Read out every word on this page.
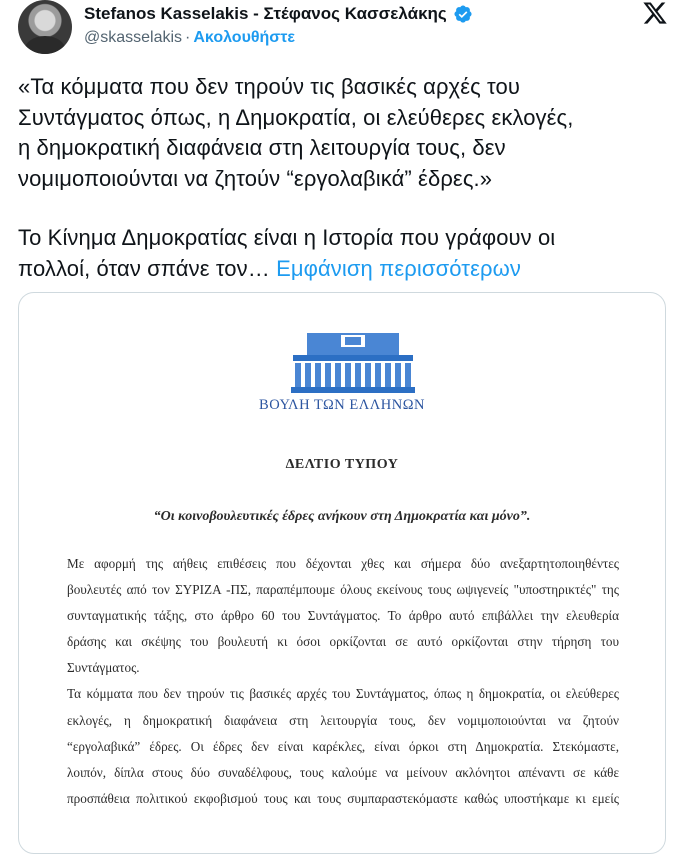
Stefanos Kasselakis - Στέφανος Κασσελάκης
@skasselakis · Ακολουθήστε

«Τα κόμματα που δεν τηρούν τις βασικές αρχές του

Συντάγματος όπως, η Δημοκρατία, οι ελεύθερες εκλογές,

η δημοκρατική διαφάνεια στη λειτουργία τους, δεν

νομιμοποιούνται να ζητούν “εργολαβικά” έδρες.»

Το Κίνημα Δημοκρατίας είναι η Ιστορία που γράφουν οι

πολλοί, όταν σπάνε τον… Εμφάνιση περισσότερων

ΒΟΥΛΗ ΤΩΝ ΕΛΛΗΝΩΝ
ΔΕΛΤΙΟ ΤΥΠΟΥ
“Οι κοινοβουλευτικές έδρες ανήκουν στη Δημοκρατία και μόνο”.
Με αφορμή της αήθεις επιθέσεις που δέχονται χθες και σήμερα δύο ανεξαρτητοποιηθέντες
βουλευτές από τον ΣΥΡΙΖΑ -ΠΣ, παραπέμπουμε όλους εκείνους τους ωψιγενείς "υποστηρικτές" της
συνταγματικής τάξης, στο άρθρο 60 του Συντάγματος. Το άρθρο αυτό επιβάλλει την ελευθερία
δράσης και σκέψης του βουλευτή κι όσοι ορκίζονται σε αυτό ορκίζονται στην τήρηση του
Συντάγματος.
Τα κόμματα που δεν τηρούν τις βασικές αρχές του Συντάγματος, όπως η δημοκρατία, οι ελεύθερες
εκλογές, η δημοκρατική διαφάνεια στη λειτουργία τους, δεν νομιμοποιούνται να ζητούν
“εργολαβικά” έδρες. Οι έδρες δεν είναι καρέκλες, είναι όρκοι στη Δημοκρατία. Στεκόμαστε,
λοιπόν, δίπλα στους δύο συναδέλφους, τους καλούμε να μείνουν ακλόνητοι απέναντι σε κάθε
προσπάθεια πολιτικού εκφοβισμού τους και τους συμπαραστεκόμαστε καθώς υποστήκαμε κι εμείς
